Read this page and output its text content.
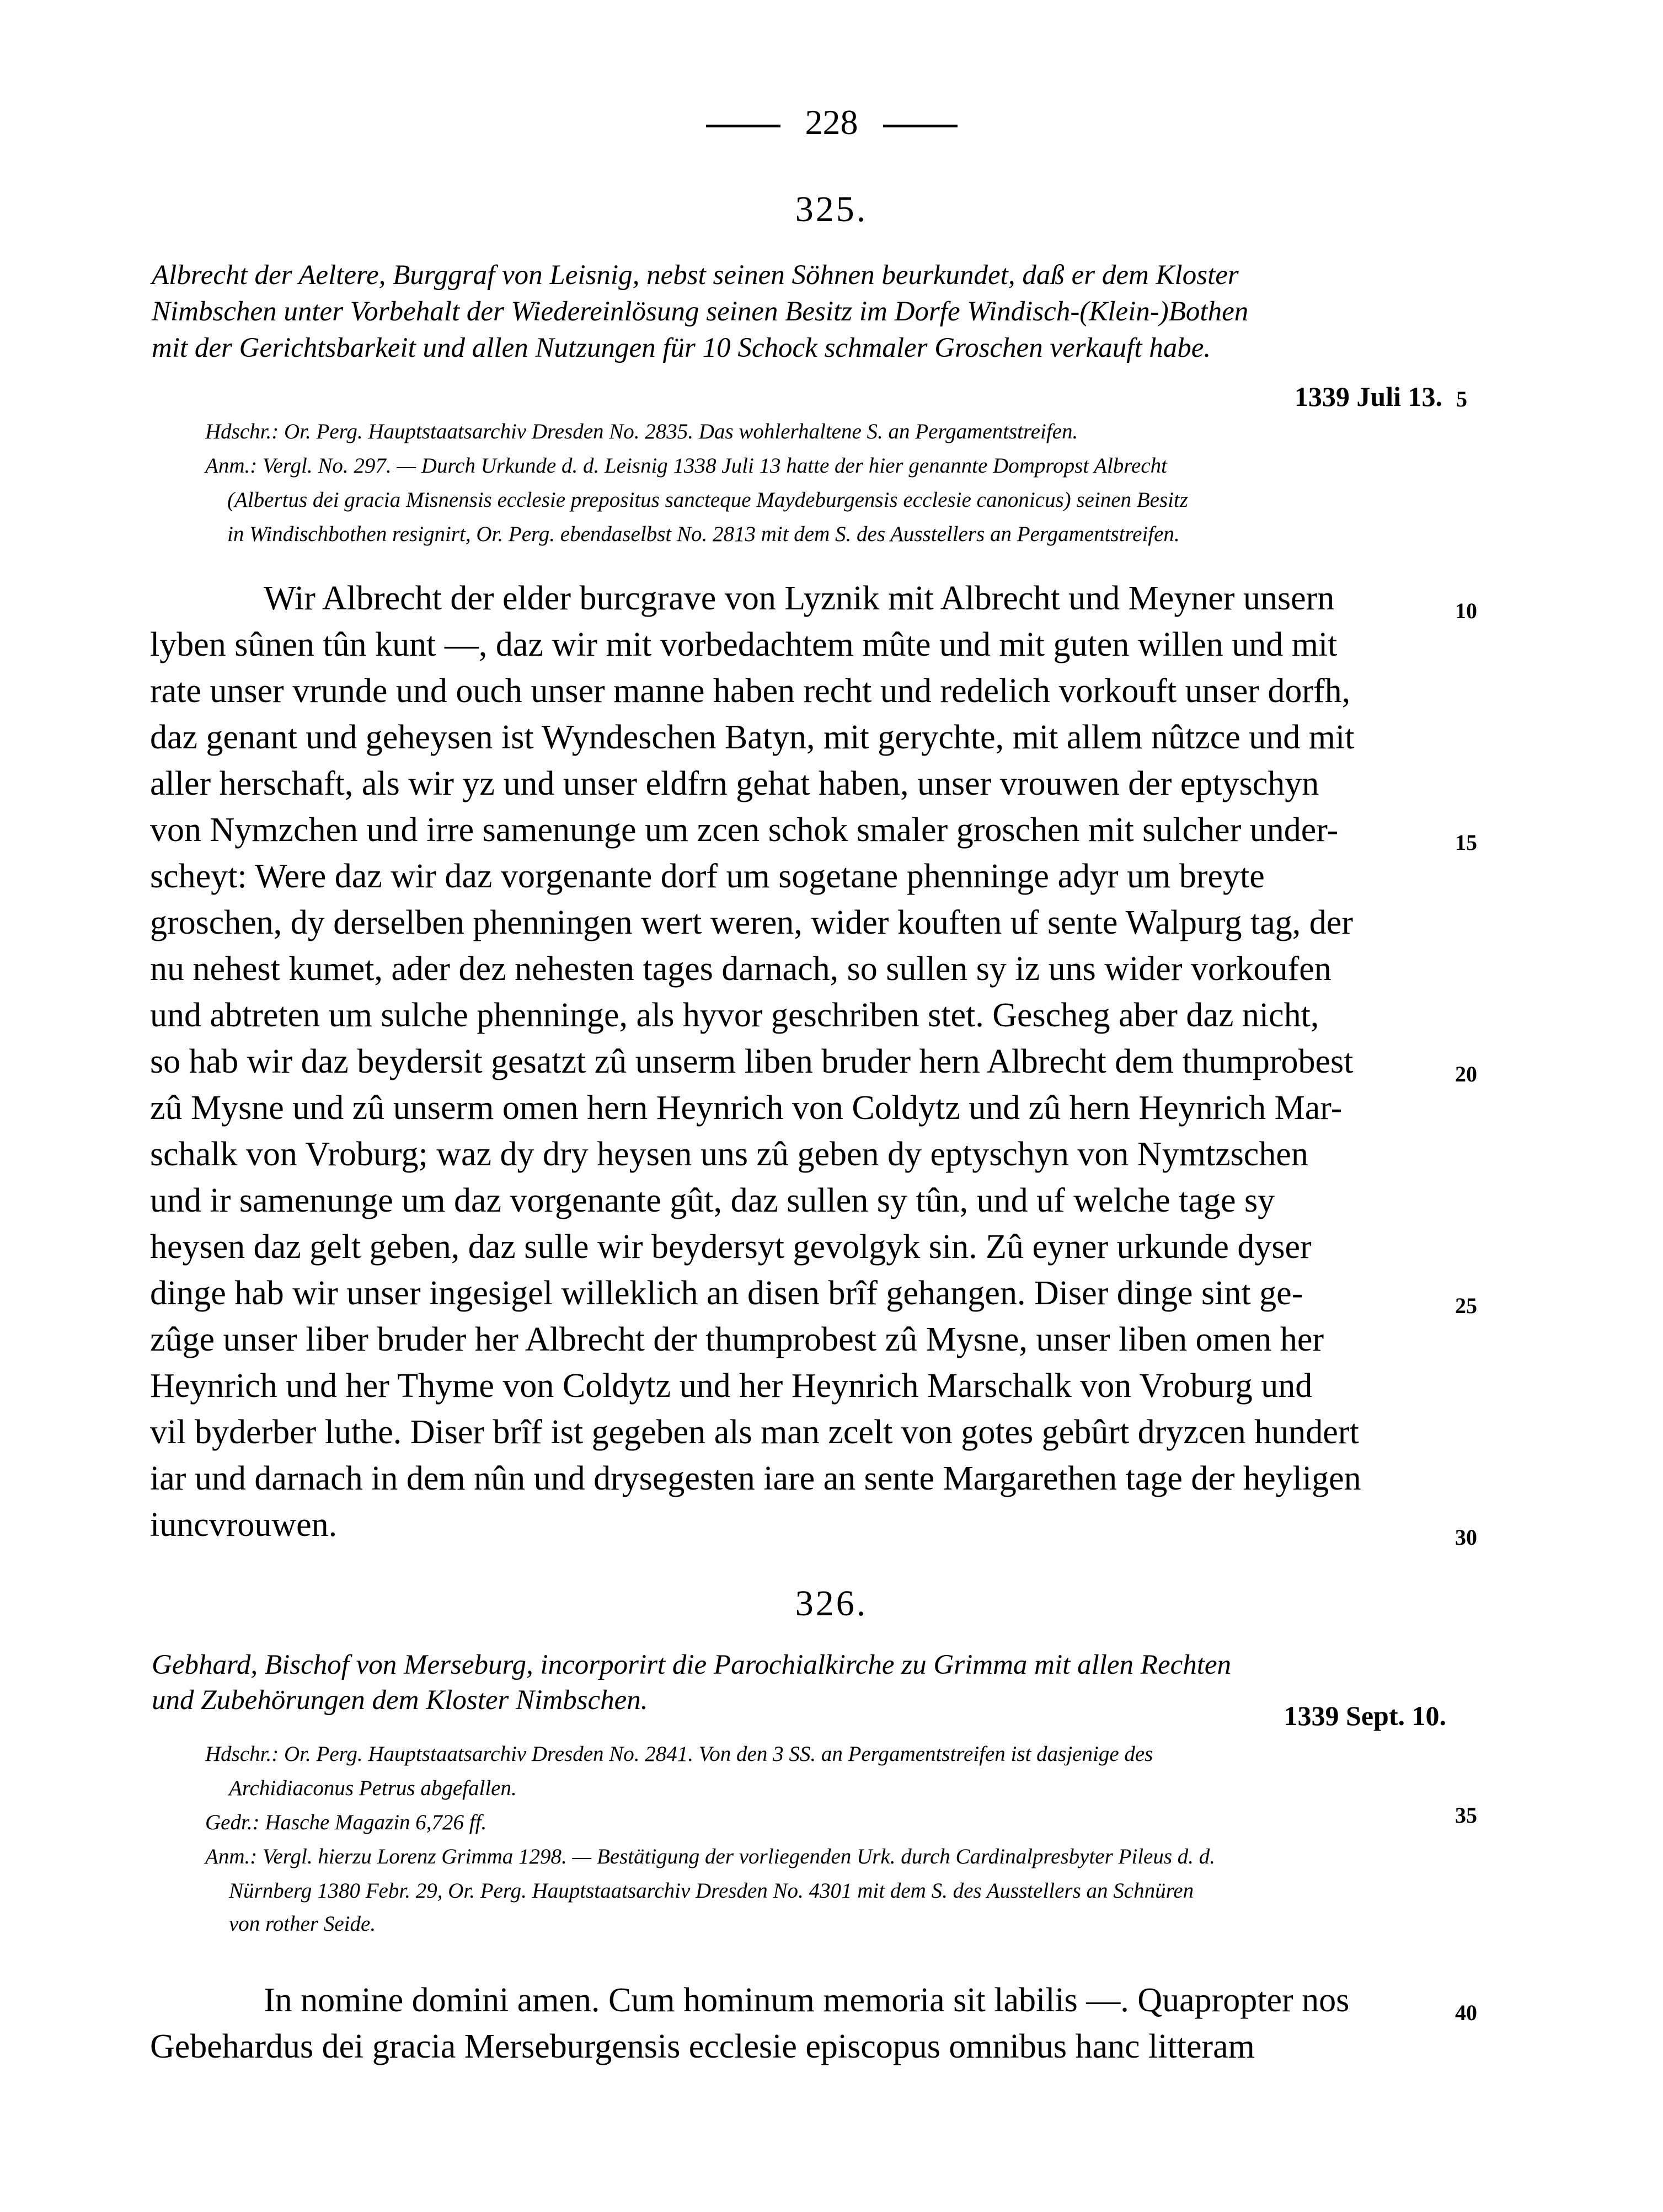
228
325.
Albrecht der Aeltere, Burggraf von Leisnig, nebst seinen Söhnen beurkundet, daß er dem Kloster
Nimbschen unter Vorbehalt der Wiedereinlösung seinen Besitz im Dorfe Windisch-(Klein-)Bothen
mit der Gerichtsbarkeit und allen Nutzungen für 10 Schock schmaler Groschen verkauft habe.
1339 Juli 13.
Hdschr.: Or. Perg. Hauptstaatsarchiv Dresden No. 2835. Das wohlerhaltene S. an Pergamentstreifen.
Anm.: Vergl. No. 297. — Durch Urkunde d. d. Leisnig 1338 Juli 13 hatte der hier genannte Dompropst Albrecht
(Albertus dei gracia Misnensis ecclesie prepositus sancteque Maydeburgensis ecclesie canonicus) seinen Besitz
in Windischbothen resignirt, Or. Perg. ebendaselbst No. 2813 mit dem S. des Ausstellers an Pergamentstreifen.
Wir Albrecht der elder burcgrave von Lyznik mit Albrecht und Meyner unsern
lyben sûnen tûn kunt —, daz wir mit vorbedachtem mûte und mit guten willen und mit
rate unser vrunde und ouch unser manne haben recht und redelich vorkouft unser dorfh,
daz genant und geheysen ist Wyndeschen Batyn, mit gerychte, mit allem nûtzce und mit
aller herschaft, als wir yz und unser eldfrn gehat haben, unser vrouwen der eptyschyn
von Nymzchen und irre samenunge um zcen schok smaler groschen mit sulcher under-
scheyt: Were daz wir daz vorgenante dorf um sogetane phenninge adyr um breyte
groschen, dy derselben phenningen wert weren, wider kouften uf sente Walpurg tag, der
nu nehest kumet, ader dez nehesten tages darnach, so sullen sy iz uns wider vorkoufen
und abtreten um sulche phenninge, als hyvor geschriben stet. Gescheg aber daz nicht,
so hab wir daz beydersit gesatzt zû unserm liben bruder hern Albrecht dem thumprobest
zû Mysne und zû unserm omen hern Heynrich von Coldytz und zû hern Heynrich Mar-
schalk von Vroburg; waz dy dry heysen uns zû geben dy eptyschyn von Nymtzschen
und ir samenunge um daz vorgenante gût, daz sullen sy tûn, und uf welche tage sy
heysen daz gelt geben, daz sulle wir beydersyt gevolgyk sin. Zû eyner urkunde dyser
dinge hab wir unser ingesigel willeklich an disen brîf gehangen. Diser dinge sint ge-
zûge unser liber bruder her Albrecht der thumprobest zû Mysne, unser liben omen her
Heynrich und her Thyme von Coldytz und her Heynrich Marschalk von Vroburg und
vil byderber luthe. Diser brîf ist gegeben als man zcelt von gotes gebûrt dryzcen hundert
iar und darnach in dem nûn und drysegesten iare an sente Margarethen tage der heyligen
iuncvrouwen.
326.
Gebhard, Bischof von Merseburg, incorporirt die Parochialkirche zu Grimma mit allen Rechten
und Zubehörungen dem Kloster Nimbschen.	1339 Sept. 10.
Hdschr.: Or. Perg. Hauptstaatsarchiv Dresden No. 2841. Von den 3 SS. an Pergamentstreifen ist dasjenige des
Archidiaconus Petrus abgefallen.
Gedr.: Hasche Magazin 6,726 ff.
Anm.: Vergl. hierzu Lorenz Grimma 1298. — Bestätigung der vorliegenden Urk. durch Cardinalpresbyter Pileus d. d.
Nürnberg 1380 Febr. 29, Or. Perg. Hauptstaatsarchiv Dresden No. 4301 mit dem S. des Ausstellers an Schnüren
von rother Seide.
In nomine domini amen. Cum hominum memoria sit labilis —. Quapropter nos
Gebehardus dei gracia Merseburgensis ecclesie episcopus omnibus hanc litteram
5
10
15
20
25
30
35
40
